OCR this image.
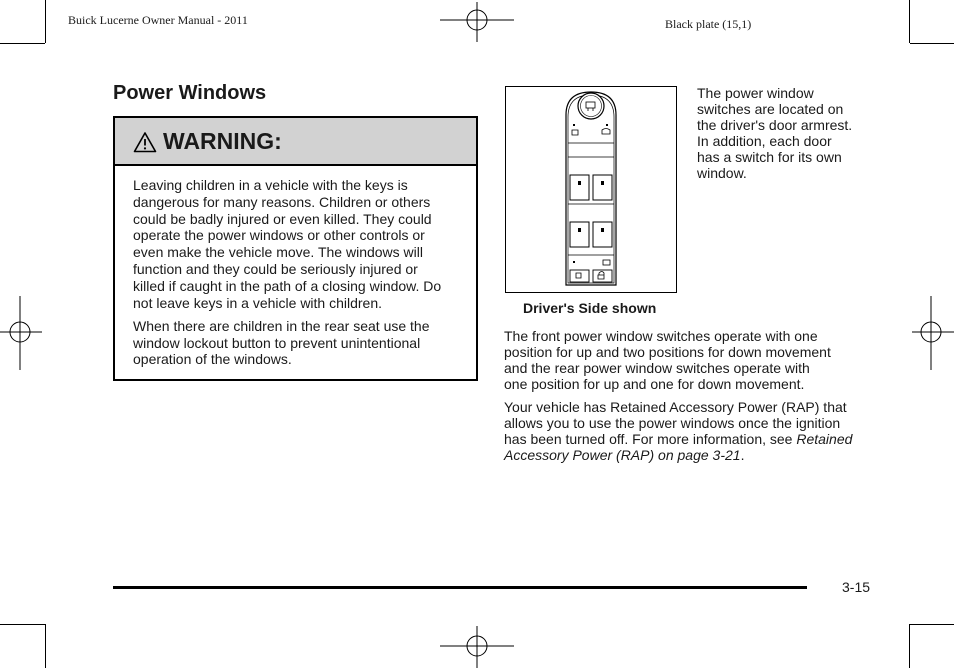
Buick Lucerne Owner Manual - 2011	Black plate (15,1)
Power Windows
WARNING:

Leaving children in a vehicle with the keys is
dangerous for many reasons. Children or others
could be badly injured or even killed. They could
operate the power windows or other controls or
even make the vehicle move. The windows will
function and they could be seriously injured or
killed if caught in the path of a closing window. Do
not leave keys in a vehicle with children.

When there are children in the rear seat use the
window lockout button to prevent unintentional
operation of the windows.

The power window
switches are located on
the driver's door armrest.
In addition, each door
has a switch for its own
window.
Driver's Side shown

The front power window switches operate with one
position for up and two positions for down movement
and the rear power window switches operate with
one position for up and one for down movement.

Your vehicle has Retained Accessory Power (RAP) that
allows you to use the power windows once the ignition
has been turned off. For more information, see Retained
Accessory Power (RAP) on page 3-21.

3-15
